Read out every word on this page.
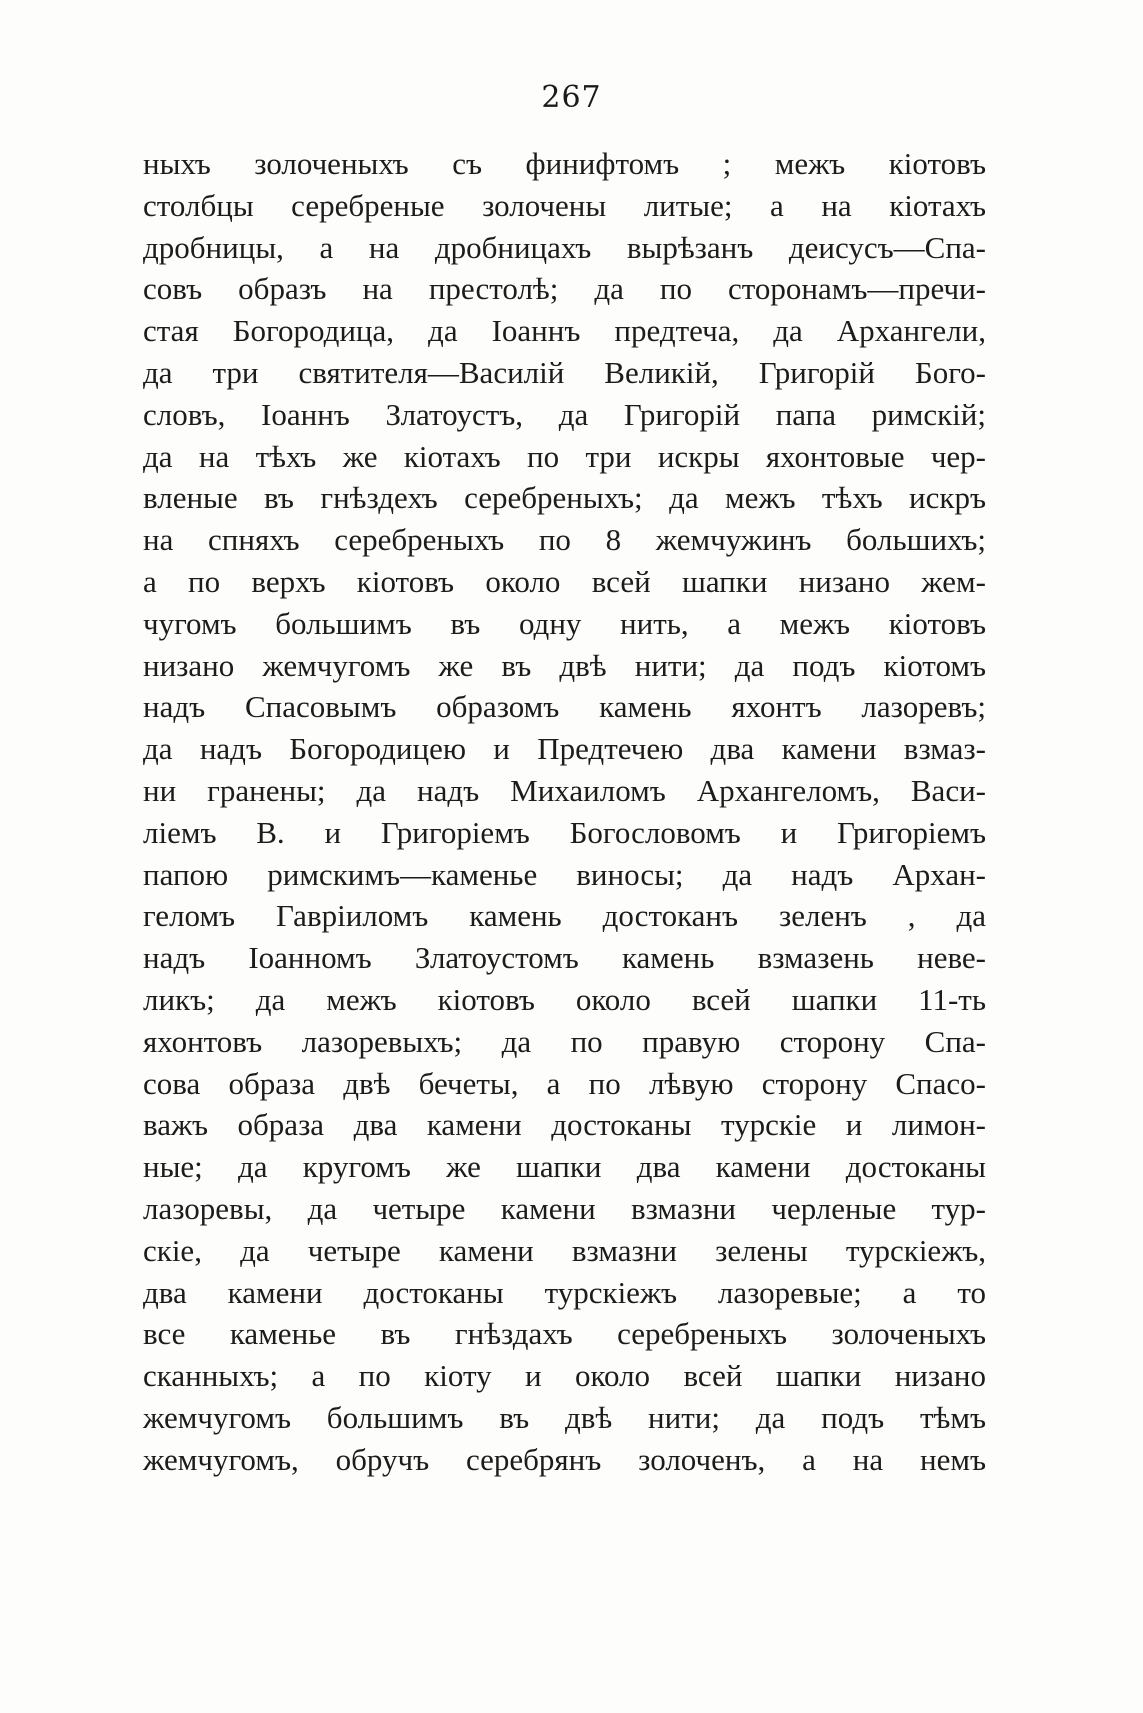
267
ныхъ золоченыхъ съ финифтомъ ; межъ кіотовъ
столбцы серебреные золочены литые; а на кіотахъ
дробницы, а на дробницахъ вырѣзанъ деисусъ—Спа-
совъ образъ на престолѣ; да по сторонамъ—пречи-
стая Богородица, да Іоаннъ предтеча, да Архангели,
да три святителя—Василій Великій, Григорій Бого-
словъ, Іоаннъ Златоустъ, да Григорій папа римскій;
да на тѣхъ же кіотахъ по три искры яхонтовые чер-
вленые въ гнѣздехъ серебреныхъ; да межъ тѣхъ искръ
на спняхъ серебреныхъ по 8 жемчужинъ большихъ;
а по верхъ кіотовъ около всей шапки низано жем-
чугомъ большимъ въ одну нить, а межъ кіотовъ
низано жемчугомъ же въ двѣ нити; да подъ кіотомъ
надъ Спасовымъ образомъ камень яхонтъ лазоревъ;
да надъ Богородицею и Предтечею два камени взмаз-
ни гранены; да надъ Михаиломъ Архангеломъ, Васи-
ліемъ В. и Григоріемъ Богословомъ и Григоріемъ
папою римскимъ—каменье виносы; да надъ Архан-
геломъ Гавріиломъ камень достоканъ зеленъ , да
надъ Іоанномъ Златоустомъ камень взмазень неве-
ликъ; да межъ кіотовъ около всей шапки 11-ть
яхонтовъ лазоревыхъ; да по правую сторону Спа-
сова образа двѣ бечеты, а по лѣвую сторону Спасо-
важъ образа два камени достоканы турскіе и лимон-
ные; да кругомъ же шапки два камени достоканы
лазоревы, да четыре камени взмазни черленые тур-
скіе, да четыре камени взмазни зелены турскіежъ,
два камени достоканы турскіежъ лазоревые; а то
все каменье въ гнѣздахъ серебреныхъ золоченыхъ
сканныхъ; а по кіоту и около всей шапки низано
жемчугомъ большимъ въ двѣ нити; да подъ тѣмъ
жемчугомъ, обручъ серебрянъ золоченъ, а на немъ
